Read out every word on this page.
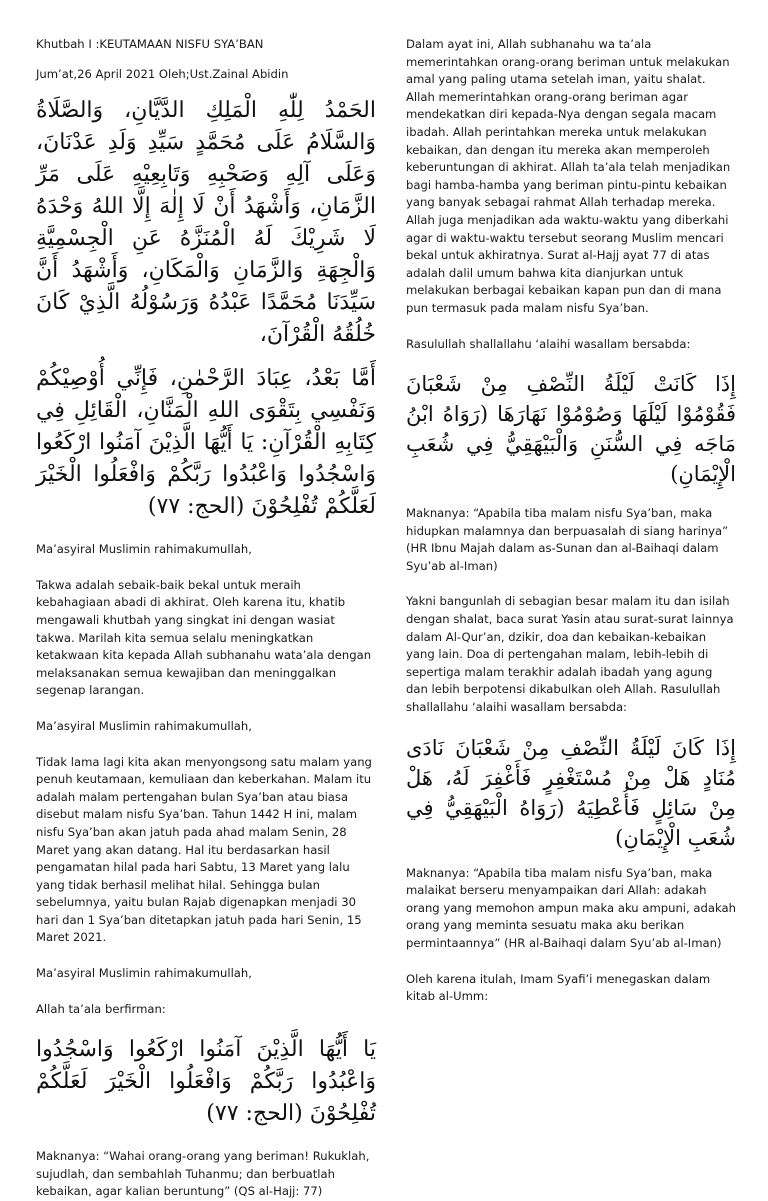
Khutbah I :KEUTAMAAN NISFU SYA’BAN

Jum’at,26 April 2021 Oleh;Ust.Zainal Abidin

الحَمْدُ لِلّٰهِ الْمَلِكِ الدَّيَّانِ، وَالصَّلَاةُ وَالسَّلَامُ عَلَى مُحَمَّدٍ سَيِّدِ وَلَدِ عَدْنَانَ، وَعَلَى آلِهِ وَصَحْبِهِ وَتَابِعِيْهِ عَلَى مَرِّ الزَّمَانِ، وَأَشْهَدُ أَنْ لَا إِلٰهَ إِلَّا اللهُ وَحْدَهُ لَا شَرِيْكَ لَهُ الْمُنَزَّهُ عَنِ الْجِسْمِيَّةِ وَالْجِهَةِ وَالزَّمَانِ وَالْمَكَانِ، وَأَشْهَدُ أَنَّ سَيِّدَنَا مُحَمَّدًا عَبْدُهُ وَرَسُوْلُهُ الَّذِيْ كَانَ خُلُقُهُ الْقُرْآنَ،

أَمَّا بَعْدُ، عِبَادَ الرَّحْمٰنِ، فَإِنِّي أُوْصِيْكُمْ وَنَفْسِي بِتَقْوَى اللهِ الْمَنَّانِ، الْقَائِلِ فِي كِتَابِهِ الْقُرْآنِ: يَا أَيُّهَا الَّذِيْنَ آمَنُوا ارْكَعُوا وَاسْجُدُوا وَاعْبُدُوا رَبَّكُمْ وَافْعَلُوا الْخَيْرَ لَعَلَّكُمْ تُفْلِحُوْنَ (الحج: ٧٧)

Ma’asyiral Muslimin rahimakumullah,

Takwa adalah sebaik-baik bekal untuk meraih kebahagiaan abadi di akhirat. Oleh karena itu, khatib mengawali khutbah yang singkat ini dengan wasiat takwa. Marilah kita semua selalu meningkatkan ketakwaan kita kepada Allah subhanahu wata’ala dengan melaksanakan semua kewajiban dan meninggalkan segenap larangan.

Ma’asyiral Muslimin rahimakumullah,

Tidak lama lagi kita akan menyongsong satu malam yang penuh keutamaan, kemuliaan dan keberkahan. Malam itu adalah malam pertengahan bulan Sya’ban atau biasa disebut malam nisfu Sya’ban. Tahun 1442 H ini, malam nisfu Sya’ban akan jatuh pada ahad malam Senin, 28 Maret yang akan datang. Hal itu berdasarkan hasil pengamatan hilal pada hari Sabtu, 13 Maret yang lalu yang tidak berhasil melihat hilal. Sehingga bulan sebelumnya, yaitu bulan Rajab digenapkan menjadi 30 hari dan 1 Sya’ban ditetapkan jatuh pada hari Senin, 15 Maret 2021.

Ma’asyiral Muslimin rahimakumullah,

Allah ta’ala berfirman:

يَا أَيُّهَا الَّذِيْنَ آمَنُوا ارْكَعُوا وَاسْجُدُوا وَاعْبُدُوا رَبَّكُمْ وَافْعَلُوا الْخَيْرَ لَعَلَّكُمْ تُفْلِحُوْنَ (الحج: ٧٧)

Maknanya: “Wahai orang-orang yang beriman! Rukuklah, sujudlah, dan sembahlah Tuhanmu; dan berbuatlah kebaikan, agar kalian beruntung” (QS al-Hajj: 77)

Dalam ayat ini, Allah subhanahu wa ta’ala memerintahkan orang-orang beriman untuk melakukan amal yang paling utama setelah iman, yaitu shalat. Allah memerintahkan orang-orang beriman agar mendekatkan diri kepada-Nya dengan segala macam ibadah. Allah perintahkan mereka untuk melakukan kebaikan, dan dengan itu mereka akan memperoleh keberuntungan di akhirat. Allah ta’ala telah menjadikan bagi hamba-hamba yang beriman pintu-pintu kebaikan yang banyak sebagai rahmat Allah terhadap mereka. Allah juga menjadikan ada waktu-waktu yang diberkahi agar di waktu-waktu tersebut seorang Muslim mencari bekal untuk akhiratnya. Surat al-Hajj ayat 77 di atas adalah dalil umum bahwa kita dianjurkan untuk melakukan berbagai kebaikan kapan pun dan di mana pun termasuk pada malam nisfu Sya’ban.

Rasulullah shallallahu ‘alaihi wasallam bersabda:

إِذَا كَانَتْ لَيْلَةُ النِّصْفِ مِنْ شَعْبَانَ فَقُوْمُوْا لَيْلَهَا وَصُوْمُوْا نَهَارَهَا (رَوَاهُ ابْنُ مَاجَه فِي السُّنَنِ وَالْبَيْهَقِيُّ فِي شُعَبِ الْإِيْمَانِ)

Maknanya: “Apabila tiba malam nisfu Sya’ban, maka hidupkan malamnya dan berpuasalah di siang harinya” (HR Ibnu Majah dalam as-Sunan dan al-Baihaqi dalam Syu’ab al-Iman)

Yakni bangunlah di sebagian besar malam itu dan isilah dengan shalat, baca surat Yasin atau surat-surat lainnya dalam Al-Qur’an, dzikir, doa dan kebaikan-kebaikan yang lain. Doa di pertengahan malam, lebih-lebih di sepertiga malam terakhir adalah ibadah yang agung dan lebih berpotensi dikabulkan oleh Allah. Rasulullah shallallahu ‘alaihi wasallam bersabda:

إِذَا كَانَ لَيْلَةُ النِّصْفِ مِنْ شَعْبَانَ نَادَى مُنَادٍ هَلْ مِنْ مُسْتَغْفِرٍ فَأَغْفِرَ لَهُ، هَلْ مِنْ سَائِلٍ فَأُعْطِيَهُ (رَوَاهُ الْبَيْهَقِيُّ فِي شُعَبِ الْإِيْمَانِ)

Maknanya: “Apabila tiba malam nisfu Sya’ban, maka malaikat berseru menyampaikan dari Allah: adakah orang yang memohon ampun maka aku ampuni, adakah orang yang meminta sesuatu maka aku berikan permintaannya” (HR al-Baihaqi dalam Syu’ab al-Iman)

Oleh karena itulah, Imam Syafi’i menegaskan dalam kitab al-Umm:
